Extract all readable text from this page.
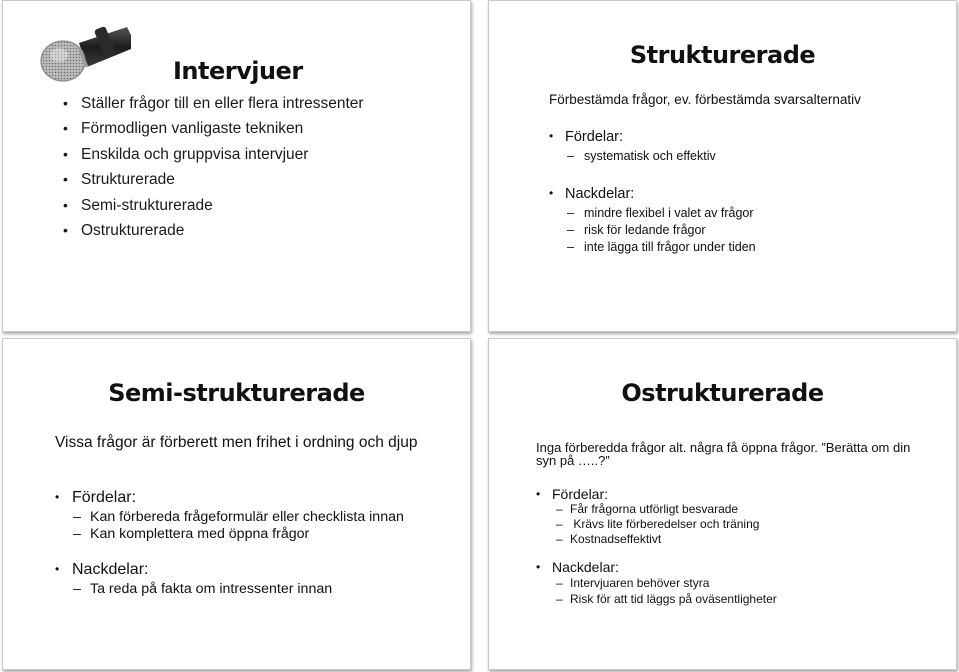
Intervjuer
• Ställer frågor till en eller flera intressenter
• Förmodligen vanligaste tekniken
• Enskilda och gruppvisa intervjuer
• Strukturerade
• Semi-strukturerade
• Ostrukturerade
Strukturerade
Förbestämda frågor, ev. förbestämda svarsalternativ
• Fördelar:
– systematisk och effektiv
• Nackdelar:
– mindre flexibel i valet av frågor
– risk för ledande frågor
– inte lägga till frågor under tiden
Semi-strukturerade
Vissa frågor är förberett men frihet i ordning och djup
• Fördelar:
– Kan förbereda frågeformulär eller checklista innan
– Kan komplettera med öppna frågor
• Nackdelar:
– Ta reda på fakta om intressenter innan
Ostrukturerade
Inga förberedda frågor alt. några få öppna frågor. ”Berätta om din syn på …..?”
• Fördelar:
– Får frågorna utförligt besvarade
– Krävs lite förberedelser och träning
– Kostnadseffektivt
• Nackdelar:
– Intervjuaren behöver styra
– Risk för att tid läggs på oväsentligheter
